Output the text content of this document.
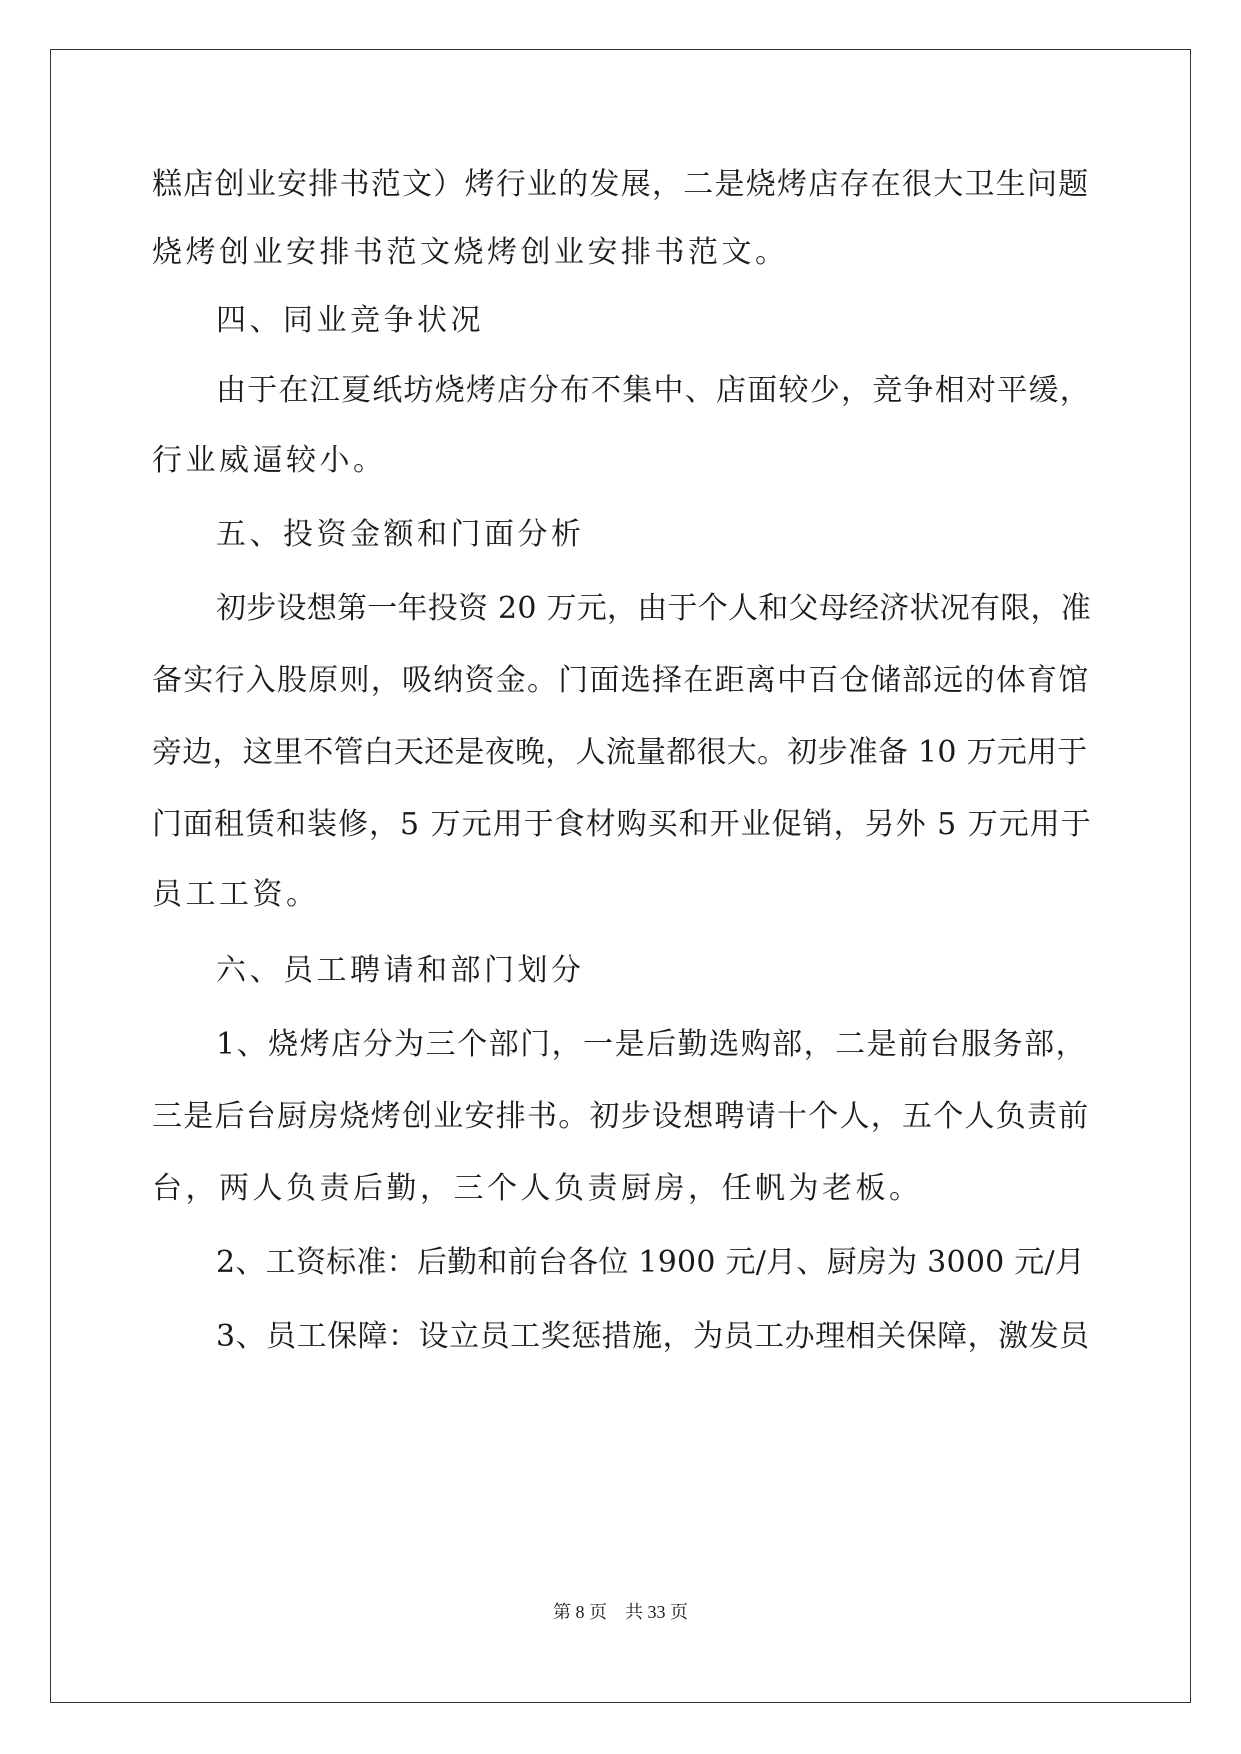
糕店创业安排书范文）烤行业的发展，二是烧烤店存在很大卫生问题
烧烤创业安排书范文烧烤创业安排书范文。
四、同业竞争状况
由于在江夏纸坊烧烤店分布不集中、店面较少，竞争相对平缓，
行业威逼较小。
五、投资金额和门面分析
初步设想第一年投资 20 万元，由于个人和父母经济状况有限，准
备实行入股原则，吸纳资金。门面选择在距离中百仓储部远的体育馆
旁边，这里不管白天还是夜晚，人流量都很大。初步准备 10 万元用于
门面租赁和装修，5 万元用于食材购买和开业促销，另外 5 万元用于
员工工资。
六、员工聘请和部门划分
1、烧烤店分为三个部门，一是后勤选购部，二是前台服务部，
三是后台厨房烧烤创业安排书。初步设想聘请十个人，五个人负责前
台，两人负责后勤，三个人负责厨房，任帆为老板。
2、工资标准：后勤和前台各位 1900 元/月、厨房为 3000 元/月
3、员工保障：设立员工奖惩措施，为员工办理相关保障，激发员
第 8 页 共 33 页
